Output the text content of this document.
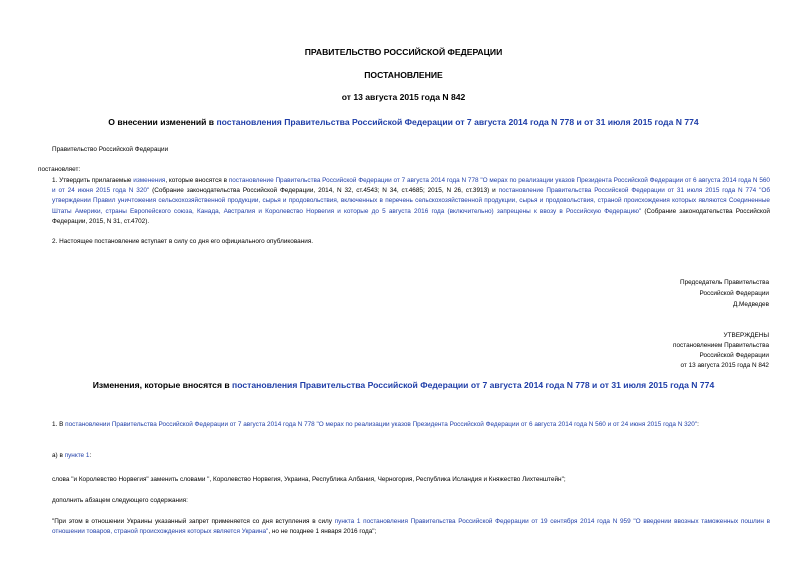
ПРАВИТЕЛЬСТВО РОССИЙСКОЙ ФЕДЕРАЦИИ
ПОСТАНОВЛЕНИЕ
от 13 августа 2015 года N 842
О внесении изменений в постановления Правительства Российской Федерации от 7 августа 2014 года N 778 и от 31 июля 2015 года N 774
Правительство Российской Федерации
постановляет:
1. Утвердить прилагаемые изменения, которые вносятся в постановление Правительства Российской Федерации от 7 августа 2014 года N 778 "О мерах по реализации указов Президента Российской Федерации от 6 августа 2014 года N 560 и от 24 июня 2015 года N 320" (Собрание законодательства Российской Федерации, 2014, N 32, ст.4543; N 34, ст.4685; 2015, N 26, ст.3913) и постановление Правительства Российской Федерации от 31 июля 2015 года N 774 "Об утверждении Правил уничтожения сельскохозяйственной продукции, сырья и продовольствия, включенных в перечень сельскохозяйственной продукции, сырья и продовольствия, страной происхождения которых являются Соединенные Штаты Америки, страны Европейского союза, Канада, Австралия и Королевство Норвегия и которые до 5 августа 2016 года (включительно) запрещены к ввозу в Российскую Федерацию" (Собрание законодательства Российской Федерации, 2015, N 31, ст.4702).
2. Настоящее постановление вступает в силу со дня его официального опубликования.
Председатель Правительства
Российской Федерации
Д.Медведев
УТВЕРЖДЕНЫ
постановлением Правительства
Российской Федерации
от 13 августа 2015 года N 842
Изменения, которые вносятся в постановления Правительства Российской Федерации от 7 августа 2014 года N 778 и от 31 июля 2015 года N 774
1. В постановлении Правительства Российской Федерации от 7 августа 2014 года N 778 "О мерах по реализации указов Президента Российской Федерации от 6 августа 2014 года N 560 и от 24 июня 2015 года N 320":
а) в пункте 1:
слова "и Королевство Норвегия" заменить словами ", Королевство Норвегия, Украина, Республика Албания, Черногория, Республика Исландия и Княжество Лихтенштейн";
дополнить абзацем следующего содержания:
"При этом в отношении Украины указанный запрет применяется со дня вступления в силу пункта 1 постановления Правительства Российской Федерации от 19 сентября 2014 года N 959 "О введении ввозных таможенных пошлин в отношении товаров, страной происхождения которых является Украина", но не позднее 1 января 2016 года";
